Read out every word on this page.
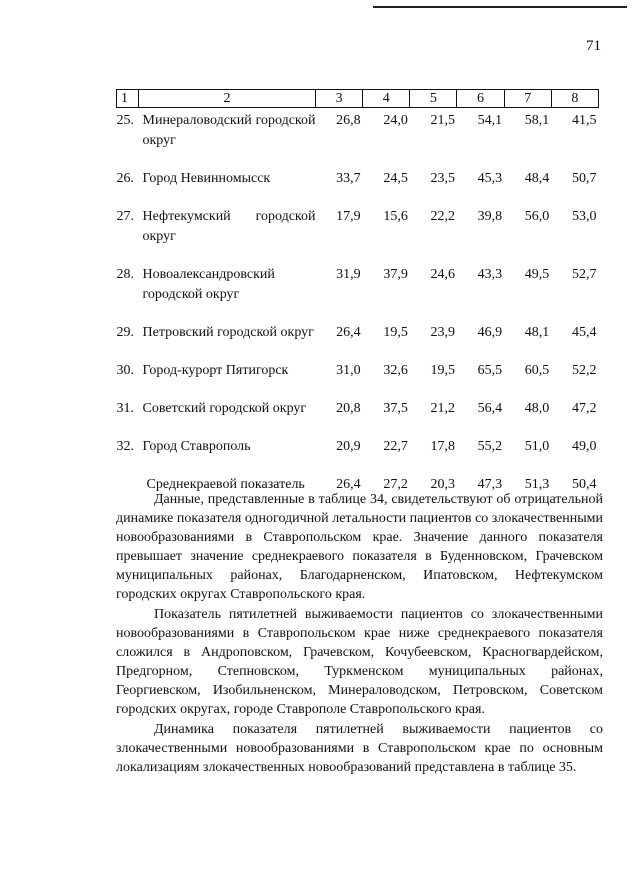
71
1	2	3	4	5	6	7	8
25.	Минераловодский городской округ	26,8	24,0	21,5	54,1	58,1	41,5
26.	Город Невинномысск	33,7	24,5	23,5	45,3	48,4	50,7
27.	Нефтекумский городской округ	17,9	15,6	22,2	39,8	56,0	53,0
28.	Новоалександровский городской округ	31,9	37,9	24,6	43,3	49,5	52,7
29.	Петровский городской округ	26,4	19,5	23,9	46,9	48,1	45,4
30.	Город-курорт Пятигорск	31,0	32,6	19,5	65,5	60,5	52,2
31.	Советский городской округ	20,8	37,5	21,2	56,4	48,0	47,2
32.	Город Ставрополь	20,9	22,7	17,8	55,2	51,0	49,0
Среднекраевой показатель		26,4	27,2	20,3	47,3	51,3	50,4

Данные, представленные в таблице 34, свидетельствуют об отрицательной динамике показателя одногодичной летальности пациентов со злокачественными новообразованиями в Ставропольском крае. Значение данного показателя превышает значение среднекраевого показателя в Буденновском, Грачевском муниципальных районах, Благодарненском, Ипатовском, Нефтекумском городских округах Ставропольского края.

Показатель пятилетней выживаемости пациентов со злокачественными новообразованиями в Ставропольском крае ниже среднекраевого показателя сложился в Андроповском, Грачевском, Кочубеевском, Красногвардейском, Предгорном, Степновском, Туркменском муниципальных районах, Георгиевском, Изобильненском, Минераловодском, Петровском, Советском городских округах, городе Ставрополе Ставропольского края.

Динамика показателя пятилетней выживаемости пациентов со злокачественными новообразованиями в Ставропольском крае по основным локализациям злокачественных новообразований представлена в таблице 35.
